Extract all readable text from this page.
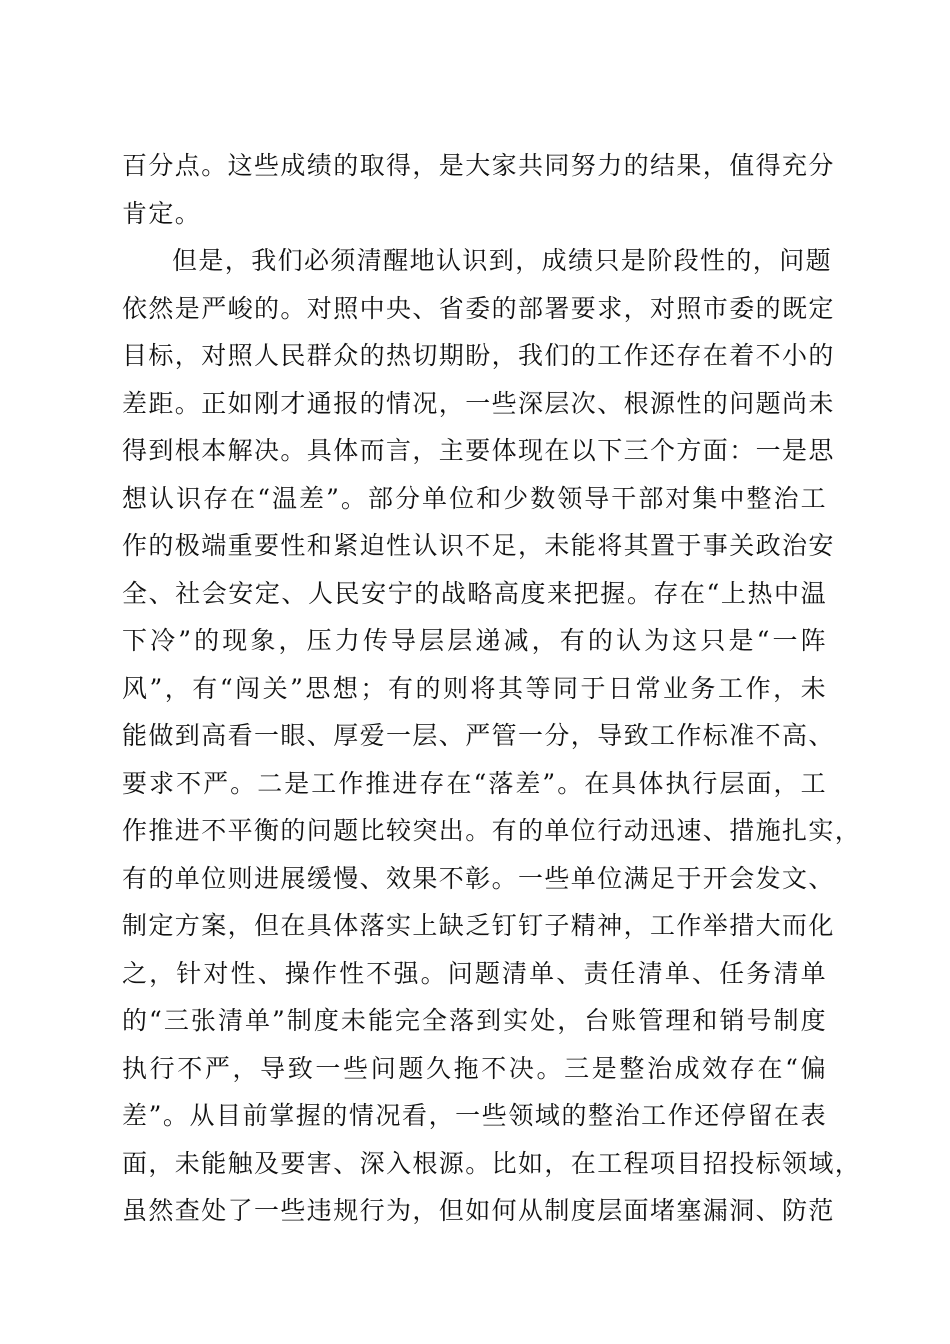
百分点。这些成绩的取得，是大家共同努力的结果，值得充分
肯定。
但是，我们必须清醒地认识到，成绩只是阶段性的，问题
依然是严峻的。对照中央、省委的部署要求，对照市委的既定
目标，对照人民群众的热切期盼，我们的工作还存在着不小的
差距。正如刚才通报的情况，一些深层次、根源性的问题尚未
得到根本解决。具体而言，主要体现在以下三个方面：一是思
想认识存在“温差”。部分单位和少数领导干部对集中整治工
作的极端重要性和紧迫性认识不足，未能将其置于事关政治安
全、社会安定、人民安宁的战略高度来把握。存在“上热中温
下冷”的现象，压力传导层层递减，有的认为这只是“一阵
风”，有“闯关”思想；有的则将其等同于日常业务工作，未
能做到高看一眼、厚爱一层、严管一分，导致工作标准不高、
要求不严。二是工作推进存在“落差”。在具体执行层面，工
作推进不平衡的问题比较突出。有的单位行动迅速、措施扎实，
有的单位则进展缓慢、效果不彰。一些单位满足于开会发文、
制定方案，但在具体落实上缺乏钉钉子精神，工作举措大而化
之，针对性、操作性不强。问题清单、责任清单、任务清单
的“三张清单”制度未能完全落到实处，台账管理和销号制度
执行不严，导致一些问题久拖不决。三是整治成效存在“偏
差”。从目前掌握的情况看，一些领域的整治工作还停留在表
面，未能触及要害、深入根源。比如，在工程项目招投标领域，
虽然查处了一些违规行为，但如何从制度层面堵塞漏洞、防范
